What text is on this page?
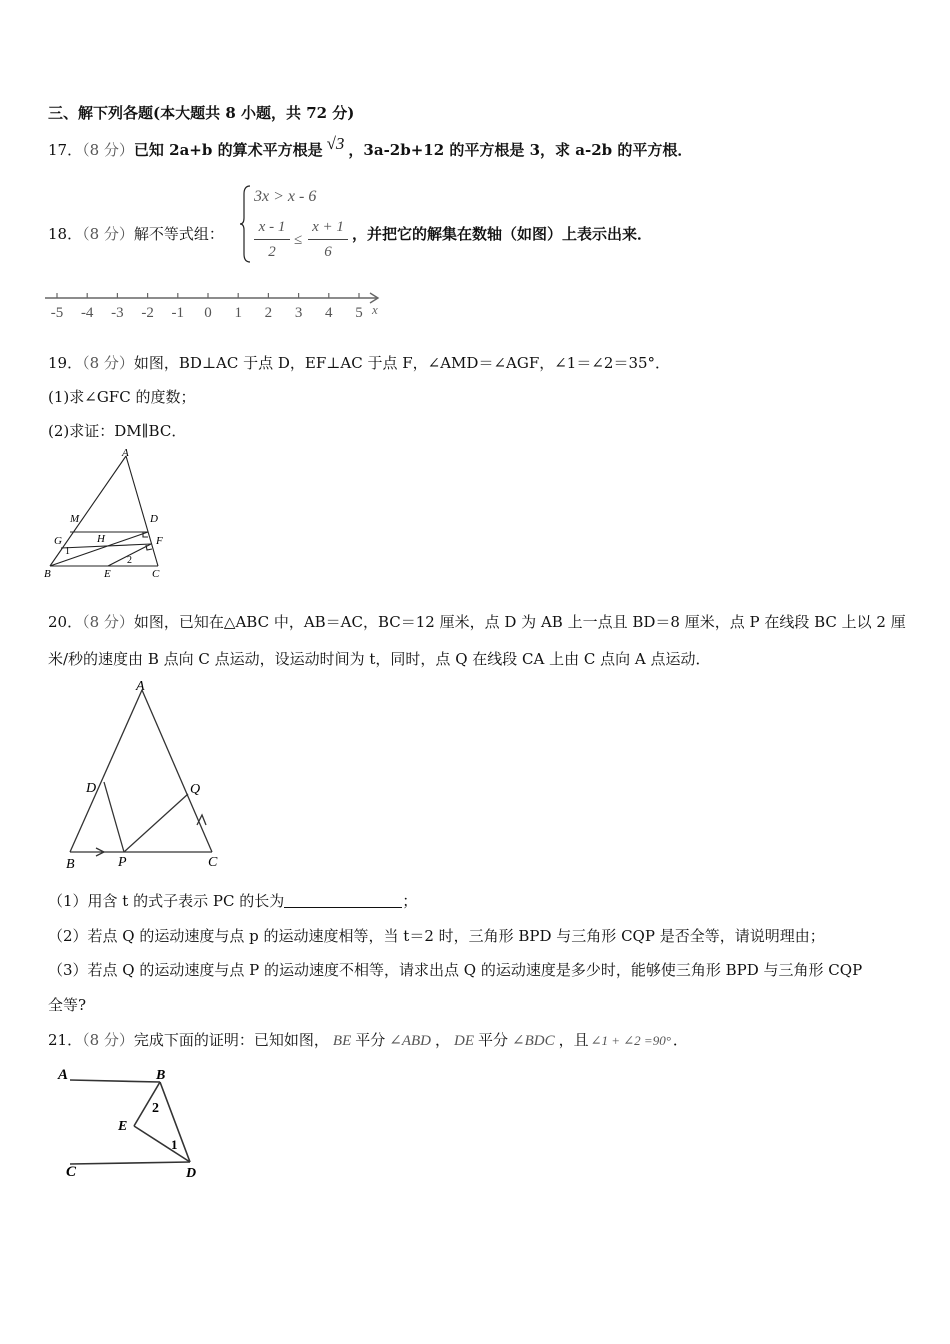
三、解下列各题(本大题共 8 小题，共 72 分)
17．（8 分）已知 2a+b 的算术平方根是 √3 ，3a-2b+12 的平方根是 3，求 a-2b 的平方根．
18．（8 分）解不等式组：
3x > x - 6
x - 1
2
≤
x + 1
6
，并把它的解集在数轴（如图）上表示出来．
x
-5 -4 -3 -2 -1 0 1 2 3 4 5
19．（8 分）如图，BD⊥AC 于点 D，EF⊥AC 于点 F，∠AMD＝∠AGF，∠1＝∠2＝35°．
(1)求∠GFC 的度数；
(2)求证：DM∥BC．
A
M	D
G	H	F
B	E	C
1
2
20．（8 分）如图，已知在△ABC 中，AB＝AC，BC＝12 厘米，点 D 为 AB 上一点且 BD＝8 厘米，点 P 在线段 BC 上以 2 厘
米/秒的速度由 B 点向 C 点运动，设运动时间为 t，同时，点 Q 在线段 CA 上由 C 点向 A 点运动．
A
D	Q
B	P	C
（1）用含 t 的式子表示 PC 的长为	；
（2）若点 Q 的运动速度与点 p 的运动速度相等，当 t＝2 时，三角形 BPD 与三角形 CQP 是否全等，请说明理由；
（3）若点 Q 的运动速度与点 P 的运动速度不相等，请求出点 Q 的运动速度是多少时，能够使三角形 BPD 与三角形 CQP
全等?
21．（8 分）完成下面的证明：已知如图， BE 平分 ∠ABD ， DE 平分 ∠BDC ，且 ∠1 + ∠2 =90° ．
A	B
E
C	D
2
1
